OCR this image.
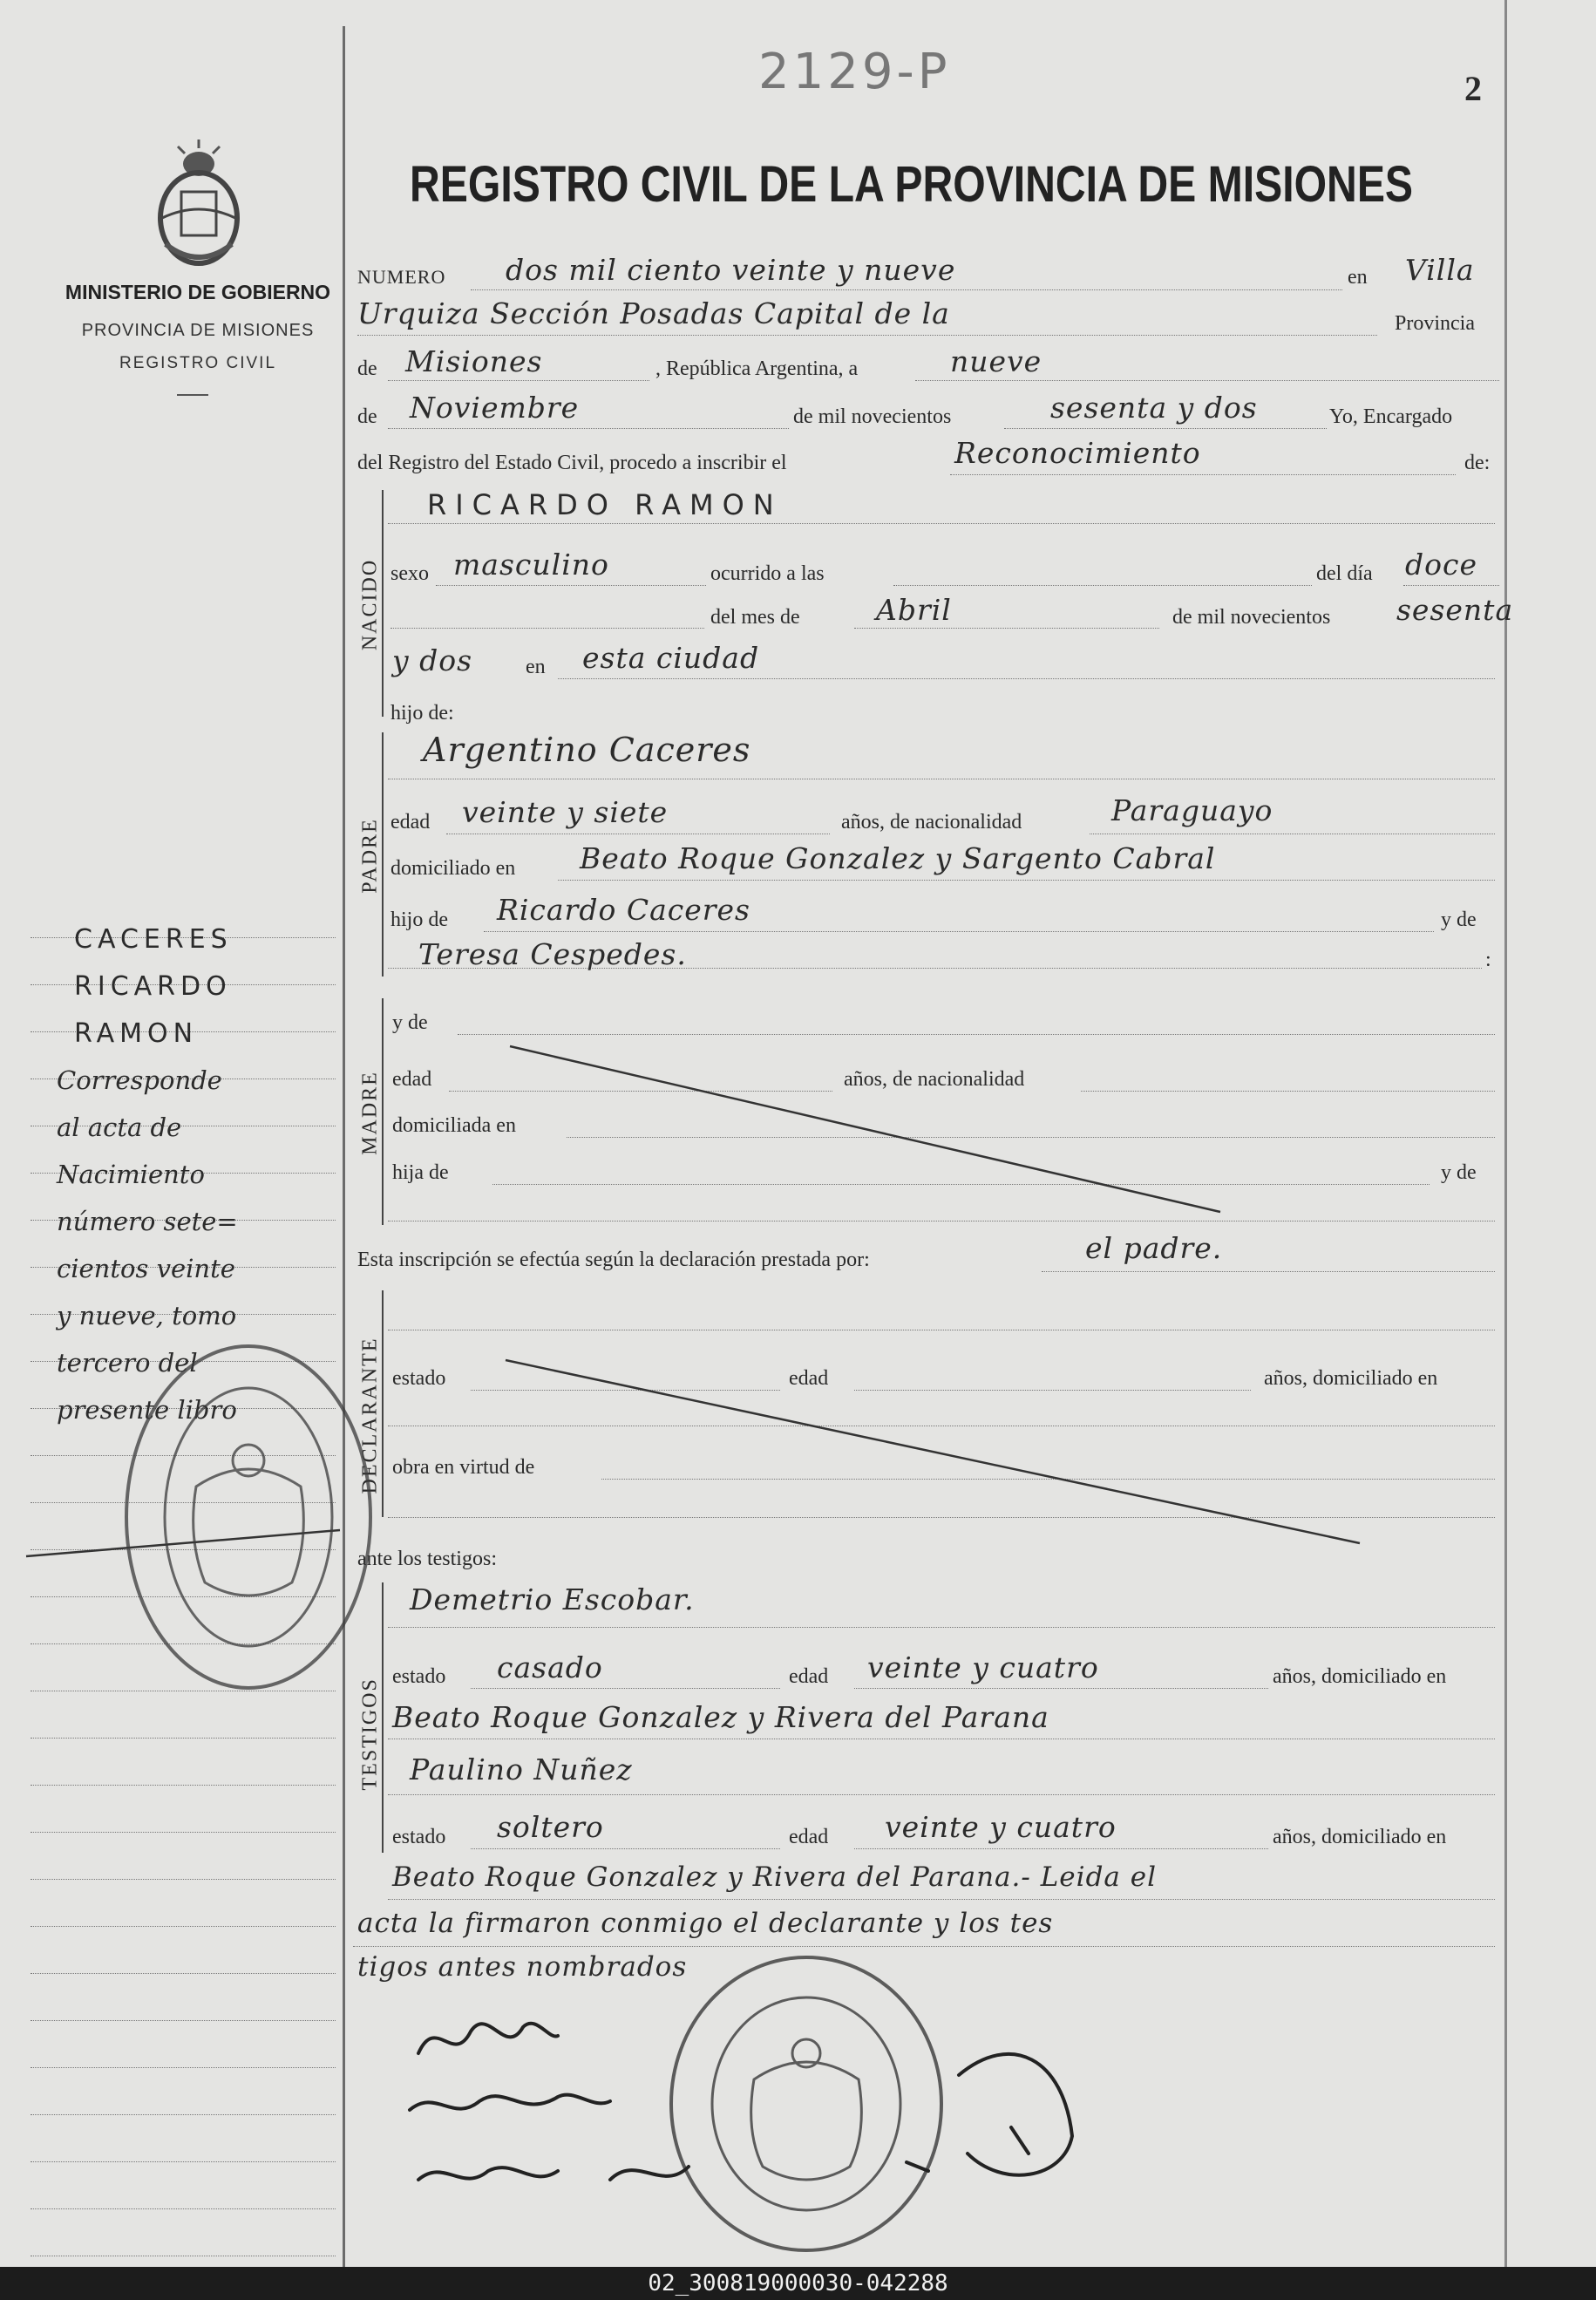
2129-P	2
MINISTERIO DE GOBIERNO
PROVINCIA DE MISIONES
REGISTRO CIVIL
REGISTRO CIVIL DE LA PROVINCIA DE MISIONES
NUMERO dos mil ciento veinte y nueve	en Villa
Urquiza Sección Posadas Capital de la	Provincia
de Misiones	, República Argentina, a	nueve
de Noviembre	de mil novecientos	sesenta y dos	Yo, Encargado
del Registro del Estado Civil, procedo a inscribir el	Reconocimiento	de:
NACIDO
RICARDO RAMON
sexo masculino	ocurrido a las	del día doce
del mes de	Abril	de mil novecientos sesenta
y dos	en esta ciudad
hijo de:
PADRE
Argentino Caceres
edad veinte y siete	años, de nacionalidad	Paraguayo
domiciliado en Beato Roque Gonzalez y Sargento Cabral
hijo de Ricardo Caceres	y de
Teresa Cespedes.	:
MADRE
y de
edad	años, de nacionalidad
domiciliada en
hija de	y de
Esta inscripción se efectúa según la declaración prestada por:	el padre.
DECLARANTE estado	edad	años, domiciliado en
obra en virtud de
ante los testigos:
TESTIGOS
Demetrio Escobar.
estado casado	edad veinte y cuatro	años, domiciliado en
Beato Roque Gonzalez y Rivera del Parana
Paulino Nuñez
estado soltero	edad veinte y cuatro	años, domiciliado en
Beato Roque Gonzalez y Rivera del Parana.- Leida el
acta la firmaron conmigo el declarante y los tes
tigos antes nombrados
CACERES
RICARDO
RAMON
Corresponde
al acta de
Nacimiento
número sete=
cientos veinte
y nueve, tomo
tercero del
presente libro
02_300819000030-042288
